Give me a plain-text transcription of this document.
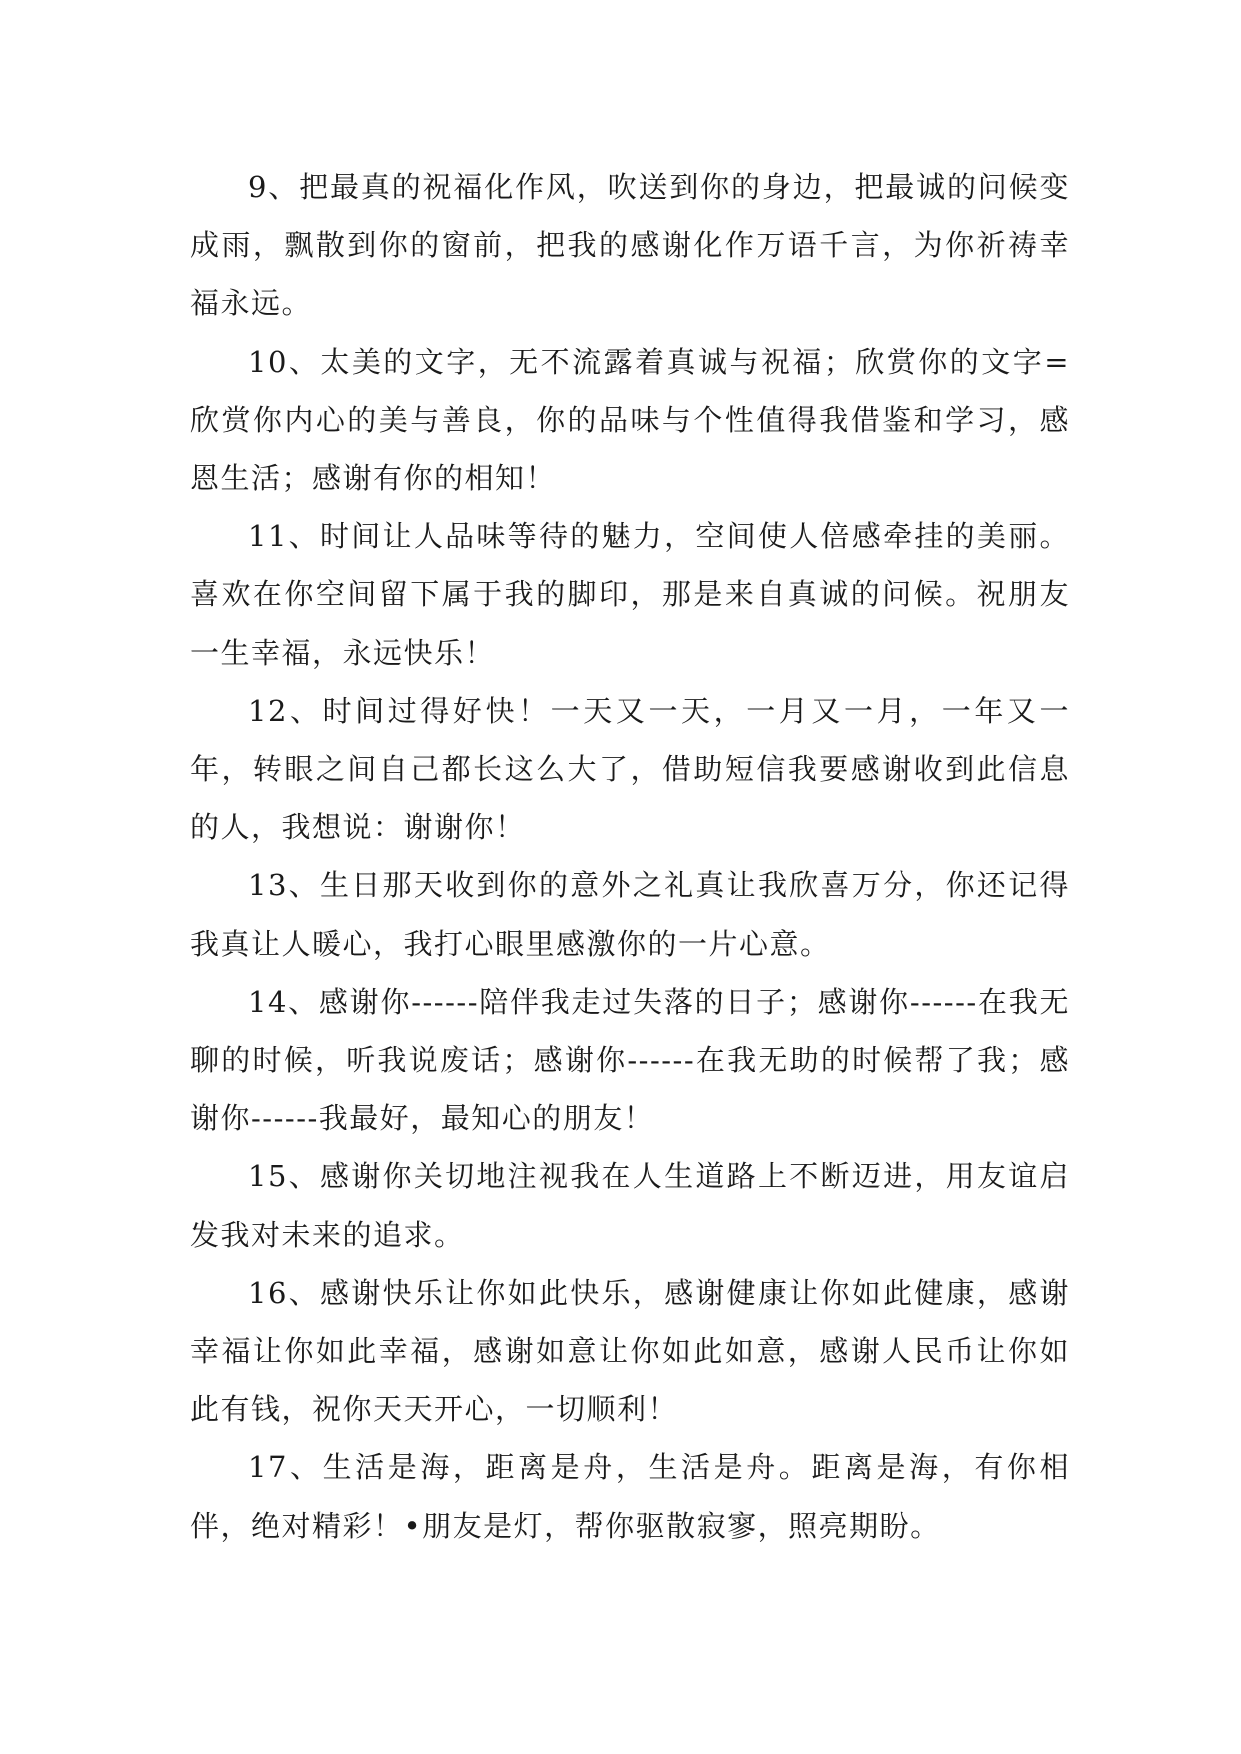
9、把最真的祝福化作风，吹送到你的身边，把最诚的问候变成雨，飘散到你的窗前，把我的感谢化作万语千言，为你祈祷幸福永远。

10、太美的文字，无不流露着真诚与祝福；欣赏你的文字=欣赏你内心的美与善良，你的品味与个性值得我借鉴和学习，感恩生活；感谢有你的相知！

11、时间让人品味等待的魅力，空间使人倍感牵挂的美丽。喜欢在你空间留下属于我的脚印，那是来自真诚的问候。祝朋友一生幸福，永远快乐！

12、时间过得好快！一天又一天，一月又一月，一年又一年，转眼之间自己都长这么大了，借助短信我要感谢收到此信息的人，我想说：谢谢你！

13、生日那天收到你的意外之礼真让我欣喜万分，你还记得我真让人暖心，我打心眼里感激你的一片心意。

14、感谢你------陪伴我走过失落的日子；感谢你------在我无聊的时候，听我说废话；感谢你------在我无助的时候帮了我；感谢你------我最好，最知心的朋友！

15、感谢你关切地注视我在人生道路上不断迈进，用友谊启发我对未来的追求。

16、感谢快乐让你如此快乐，感谢健康让你如此健康，感谢幸福让你如此幸福，感谢如意让你如此如意，感谢人民币让你如此有钱，祝你天天开心，一切顺利！

17、生活是海，距离是舟，生活是舟。距离是海，有你相伴，绝对精彩！•朋友是灯，帮你驱散寂寥，照亮期盼。
